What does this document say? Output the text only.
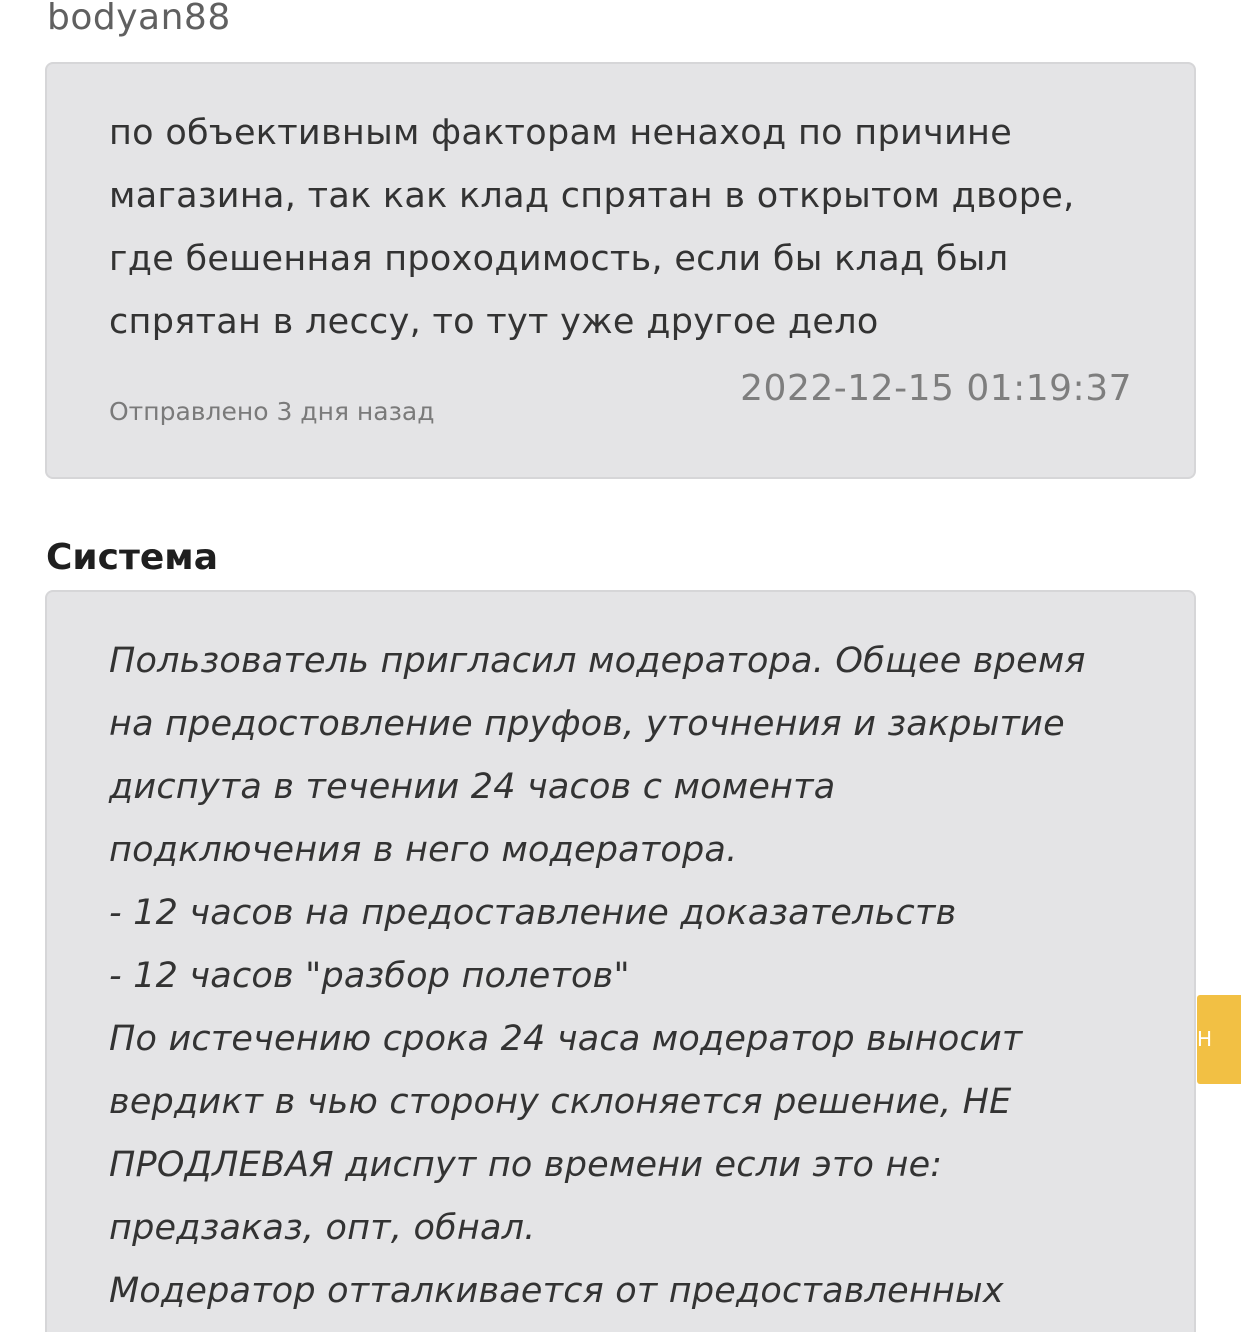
bodyan88
по объективным факторам ненаход по причине
магазина, так как клад спрятан в открытом дворе,
где бешенная проходимость, если бы клад был
спрятан в лессу, то тут уже другое дело
Отправлено 3 дня назад
2022-12-15 01:19:37
Система
Пользователь пригласил модератора. Общее время
на предостовление пруфов, уточнения и закрытие
диспута в течении 24 часов с момента
подключения в него модератора.
- 12 часов на предоставление доказательств
- 12 часов "разбор полетов"
По истечению срока 24 часа модератор выносит
вердикт в чью сторону склоняется решение, НЕ
ПРОДЛЕВАЯ диспут по времени если это не:
предзаказ, опт, обнал.
Модератор отталкивается от предоставленных
Н
